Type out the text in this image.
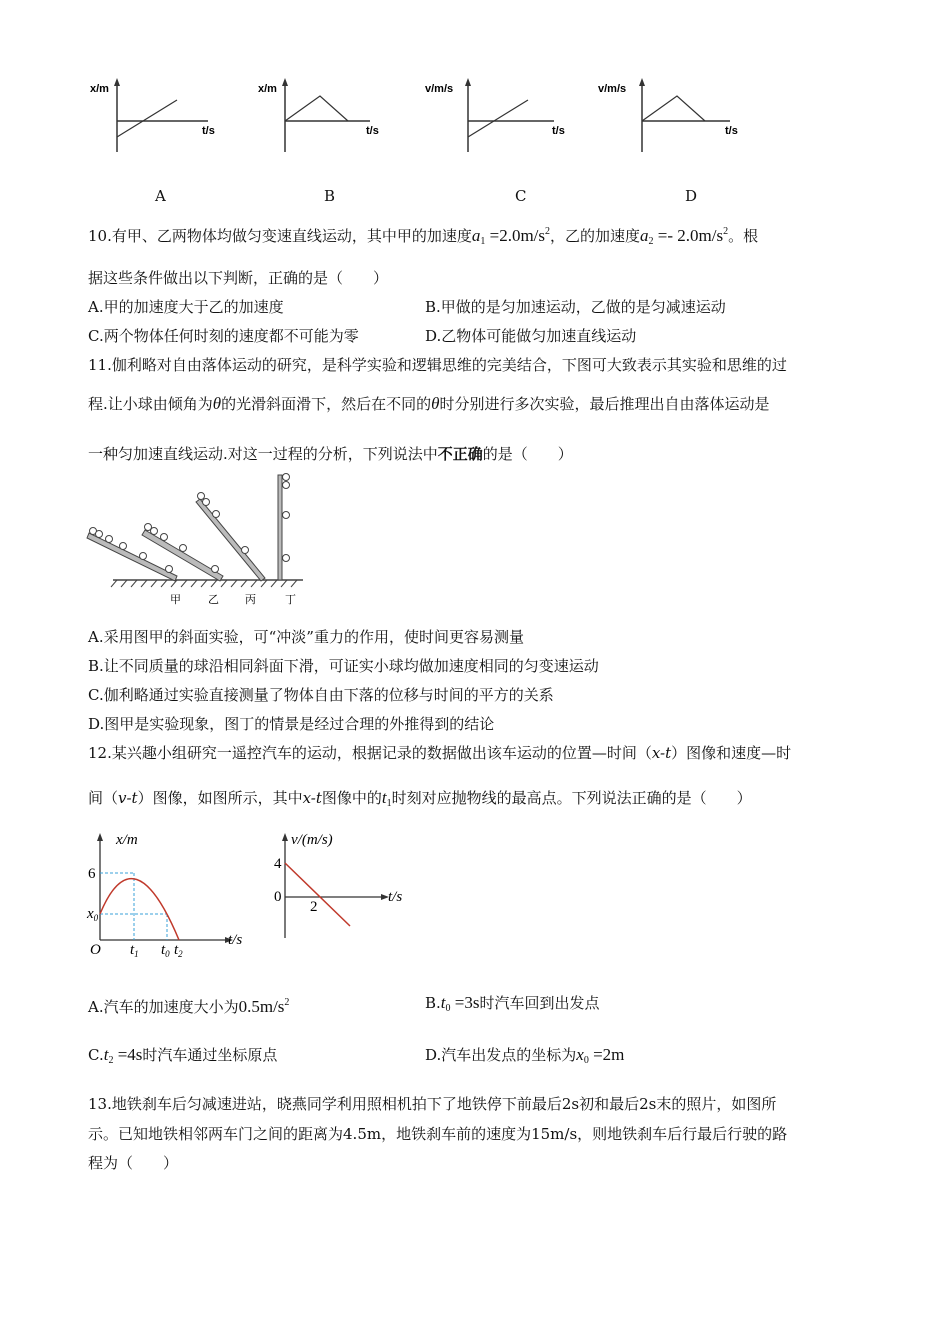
x/m
t/s
x/m
t/s
v/m/s
t/s
v/m/s
t/s
A	B	C	D
10.有甲、乙两物体均做匀变速直线运动，其中甲的加速度$a_1 =2.0m/s^2$，乙的加速度$a_2 =- 2.0m/s^2$。根
据这些条件做出以下判断，正确的是（　　）
A.甲的加速度大于乙的加速度	B.甲做的是匀加速运动，乙做的是匀减速运动
C.两个物体任何时刻的速度都不可能为零	D.乙物体可能做匀加速直线运动
11.伽利略对自由落体运动的研究，是科学实验和逻辑思维的完美结合，下图可大致表示其实验和思维的过
程.让小球由倾角为θ的光滑斜面滑下，然后在不同的θ时分别进行多次实验，最后推理出自由落体运动是
一种匀加速直线运动.对这一过程的分析，下列说法中不正确的是（　　）
甲 乙 丙	丁
A.采用图甲的斜面实验，可“冲淡”重力的作用，使时间更容易测量
B.让不同质量的球沿相同斜面下滑，可证实小球均做加速度相同的匀变速运动
C.伽利略通过实验直接测量了物体自由下落的位移与时间的平方的关系
D.图甲是实验现象，图丁的情景是经过合理的外推得到的结论
12.某兴趣小组研究一遥控汽车的运动，根据记录的数据做出该车运动的位置—时间（x-t）图像和速度—时
间（v-t）图像，如图所示，其中x-t图像中的$t_1$时刻对应抛物线的最高点。下列说法正确的是（　　）
x/m
6
$x_0$
O $t_1$ $t_0$ $t_2$
t/s
v/(m/s)
4
0
2
t/s
A.汽车的加速度大小为$0.5m/s^2$	$B.t_0 =3s$时汽车回到出发点
$C.t_2 =4s$时汽车通过坐标原点	D.汽车出发点的坐标为$x_0 =2m$
13.地铁刹车后匀减速进站，晓燕同学利用照相机拍下了地铁停下前最后2s初和最后2s末的照片，如图所
示。已知地铁相邻两车门之间的距离为4.5m，地铁刹车前的速度为15m/s，则地铁刹车后行最后行驶的路
程为（　　）
